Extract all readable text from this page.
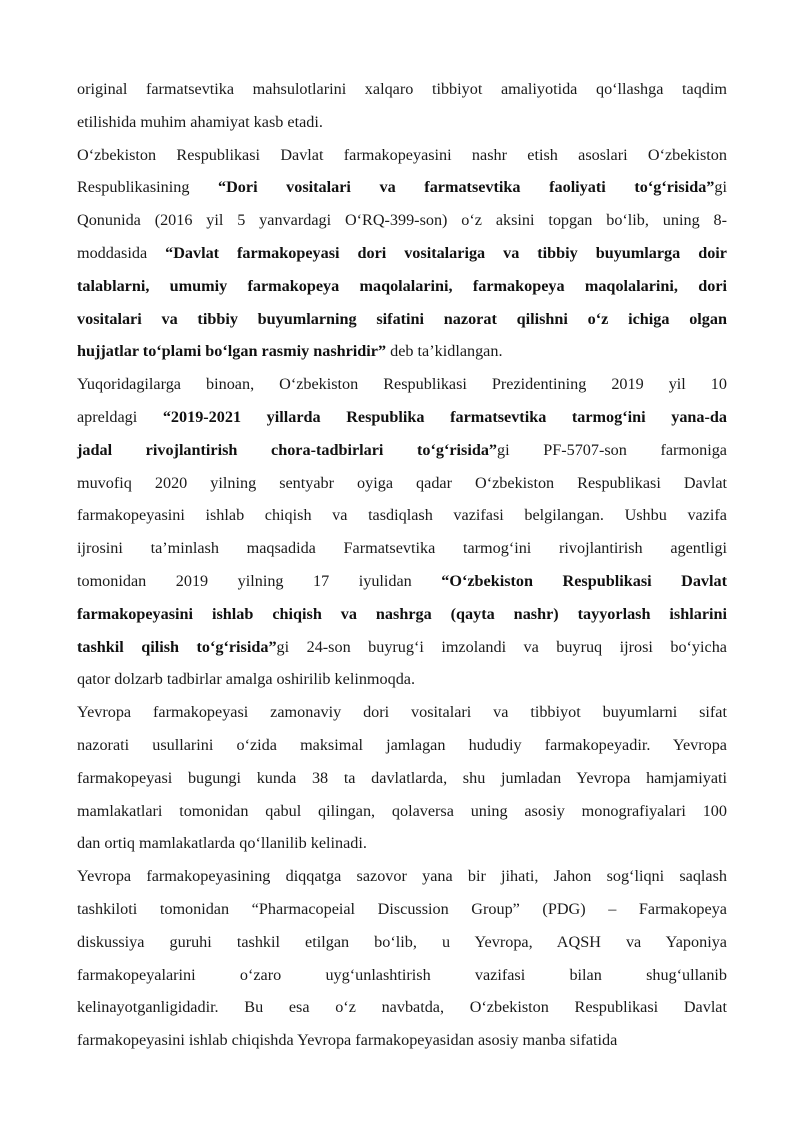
original farmatsevtika mahsulotlarini xalqaro tibbiyot amaliyotida qo‘llashga taqdim
etilishida muhim ahamiyat kasb etadi.
O‘zbekiston Respublikasi Davlat farmakopeyasini nashr etish asoslari O‘zbekiston
Respublikasining “Dori vositalari va farmatsevtika faoliyati to‘g‘risida”gi
Qonunida (2016 yil 5 yanvardagi O‘RQ-399-son) o‘z aksini topgan bo‘lib, uning 8-
moddasida “Davlat farmakopeyasi dori vositalariga va tibbiy buyumlarga doir
talablarni, umumiy farmakopeya maqolalarini, farmakopeya maqolalarini, dori
vositalari va tibbiy buyumlarning sifatini nazorat qilishni o‘z ichiga olgan
hujjatlar to‘plami bo‘lgan rasmiy nashridir” deb ta’kidlangan.
Yuqoridagilarga binoan, O‘zbekiston Respublikasi Prezidentining 2019 yil 10
apreldagi “2019-2021 yillarda Respublika farmatsevtika tarmog‘ini yana-da
jadal rivojlantirish chora-tadbirlari to‘g‘risida”gi PF-5707-son farmoniga
muvofiq 2020 yilning sentyabr oyiga qadar O‘zbekiston Respublikasi Davlat
farmakopeyasini ishlab chiqish va tasdiqlash vazifasi belgilangan. Ushbu vazifa
ijrosini ta’minlash maqsadida Farmatsevtika tarmog‘ini rivojlantirish agentligi
tomonidan 2019 yilning 17 iyulidan “O‘zbekiston Respublikasi Davlat
farmakopeyasini ishlab chiqish va nashrga (qayta nashr) tayyorlash ishlarini
tashkil qilish to‘g‘risida”gi 24-son buyrug‘i imzolandi va buyruq ijrosi bo‘yicha
qator dolzarb tadbirlar amalga oshirilib kelinmoqda.
Yevropa farmakopeyasi zamonaviy dori vositalari va tibbiyot buyumlarni sifat
nazorati usullarini o‘zida maksimal jamlagan hududiy farmakopeyadir. Yevropa
farmakopeyasi bugungi kunda 38 ta davlatlarda, shu jumladan Yevropa hamjamiyati
mamlakatlari tomonidan qabul qilingan, qolaversa uning asosiy monografiyalari 100
dan ortiq mamlakatlarda qo‘llanilib kelinadi.
Yevropa farmakopeyasining diqqatga sazovor yana bir jihati, Jahon sog‘liqni saqlash
tashkiloti tomonidan “Pharmacopeial Discussion Group” (PDG) – Farmakopeya
diskussiya guruhi tashkil etilgan bo‘lib, u Yevropa, AQSH va Yaponiya
farmakopeyalarini o‘zaro uyg‘unlashtirish vazifasi bilan shug‘ullanib
kelinayotganligidadir. Bu esa o‘z navbatda, O‘zbekiston Respublikasi Davlat
farmakopeyasini ishlab chiqishda Yevropa farmakopeyasidan asosiy manba sifatida
